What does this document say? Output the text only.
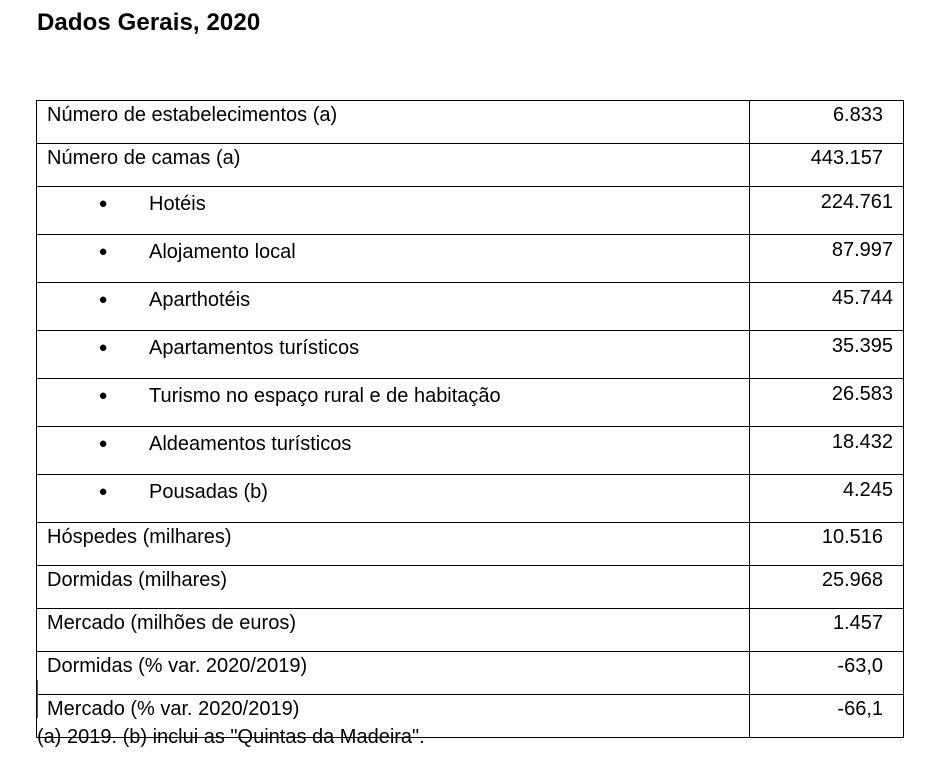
Dados Gerais, 2020
Número de estabelecimentos (a)	6.833
Número de camas (a)	443.157
● Hotéis	224.761
● Alojamento local	87.997
● Aparthotéis	45.744
● Apartamentos turísticos	35.395
● Turismo no espaço rural e de habitação	26.583
● Aldeamentos turísticos	18.432
● Pousadas (b)	4.245
Hóspedes (milhares)	10.516
Dormidas (milhares)	25.968
Mercado (milhões de euros)	1.457
Dormidas (% var. 2020/2019)	-63,0
Mercado (% var. 2020/2019)	-66,1
(a) 2019. (b) inclui as "Quintas da Madeira".
